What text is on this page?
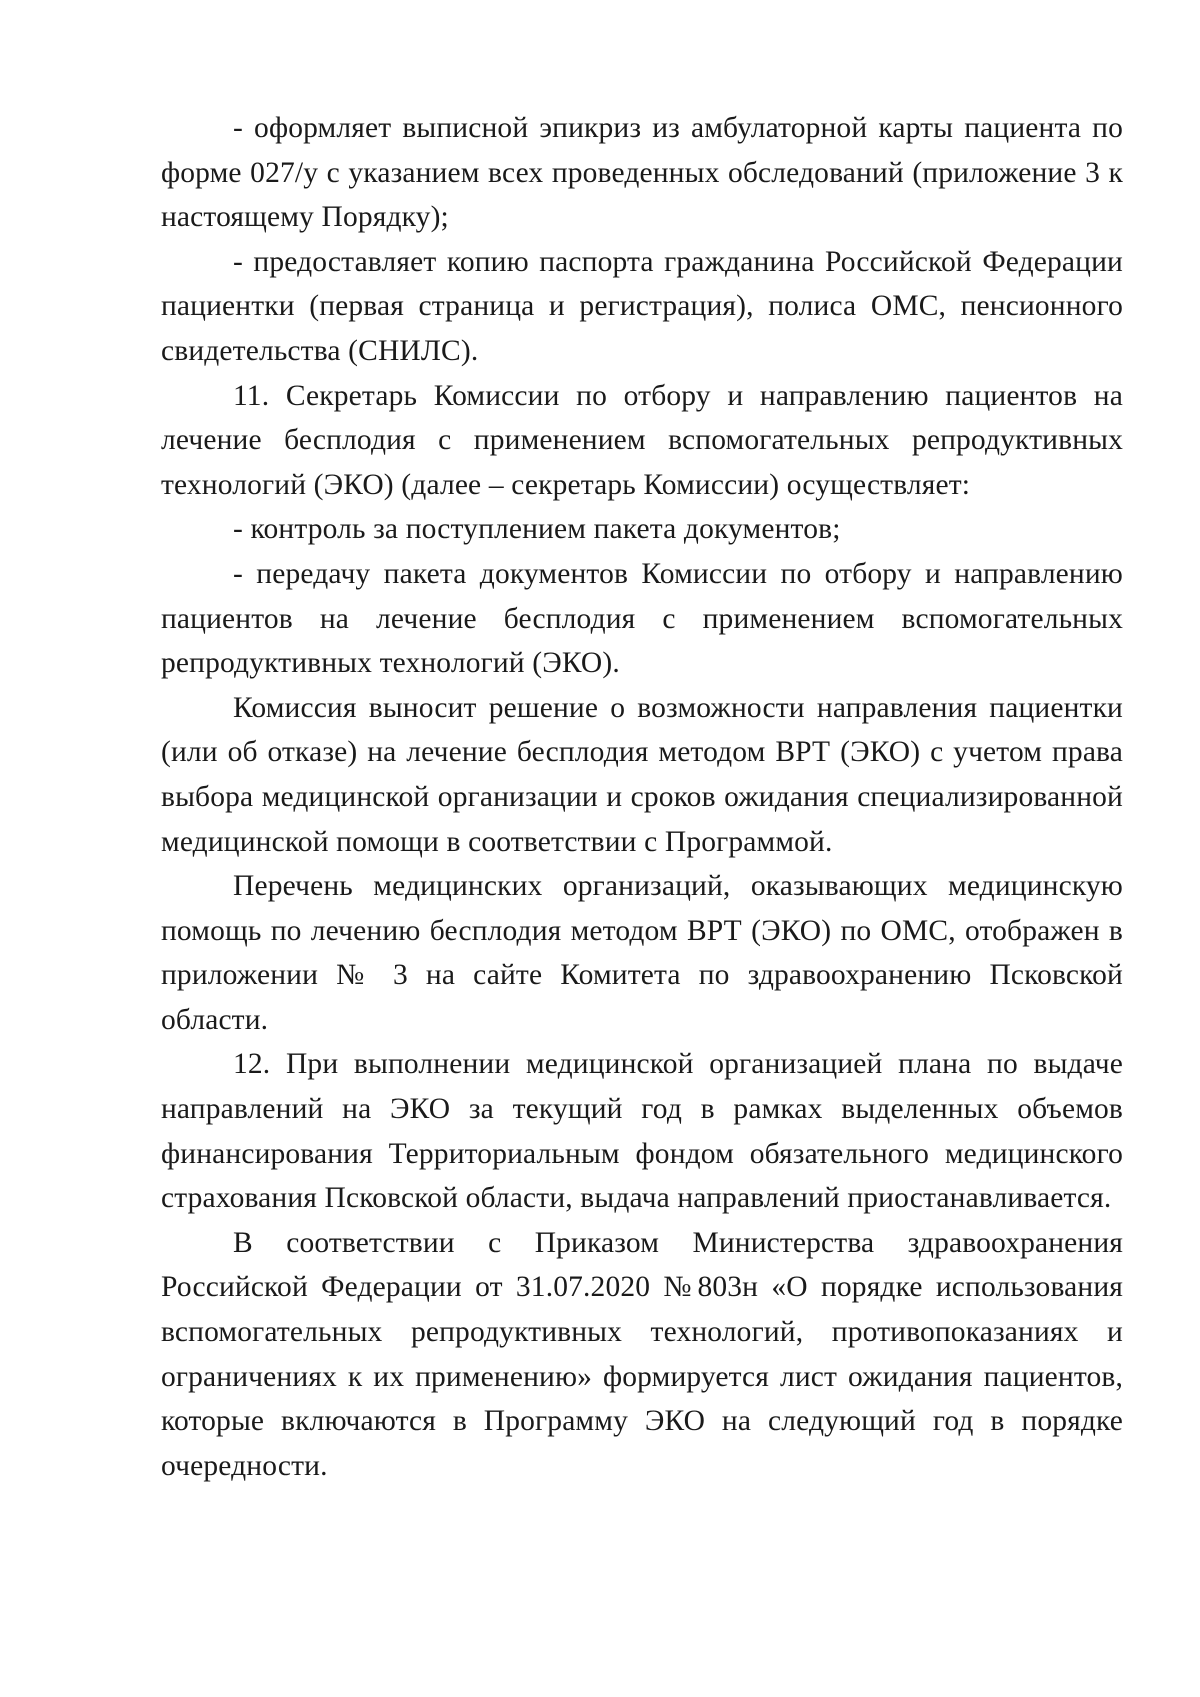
- оформляет выписной эпикриз из амбулаторной карты пациента по форме 027/у с указанием всех проведенных обследований (приложение 3 к настоящему Порядку);

- предоставляет копию паспорта гражданина Российской Федерации пациентки (первая страница и регистрация), полиса ОМС, пенсионного свидетельства (СНИЛС).

11. Секретарь Комиссии по отбору и направлению пациентов на лечение бесплодия с применением вспомогательных репродуктивных технологий (ЭКО) (далее – секретарь Комиссии) осуществляет:

- контроль за поступлением пакета документов;

- передачу пакета документов Комиссии по отбору и направлению пациентов на лечение бесплодия с применением вспомогательных репродуктивных технологий (ЭКО).

Комиссия выносит решение о возможности направления пациентки (или об отказе) на лечение бесплодия методом ВРТ (ЭКО) с учетом права выбора медицинской организации и сроков ожидания специализированной медицинской помощи в соответствии с Программой.

Перечень медицинских организаций, оказывающих медицинскую помощь по лечению бесплодия методом ВРТ (ЭКО) по ОМС, отображен в приложении № 3 на сайте Комитета по здравоохранению Псковской области.

12. При выполнении медицинской организацией плана по выдаче направлений на ЭКО за текущий год в рамках выделенных объемов финансирования Территориальным фондом обязательного медицинского страхования Псковской области, выдача направлений приостанавливается.

В соответствии с Приказом Министерства здравоохранения Российской Федерации от 31.07.2020 №803н «О порядке использования вспомогательных репродуктивных технологий, противопоказаниях и ограничениях к их применению» формируется лист ожидания пациентов, которые включаются в Программу ЭКО на следующий год в порядке очередности.
